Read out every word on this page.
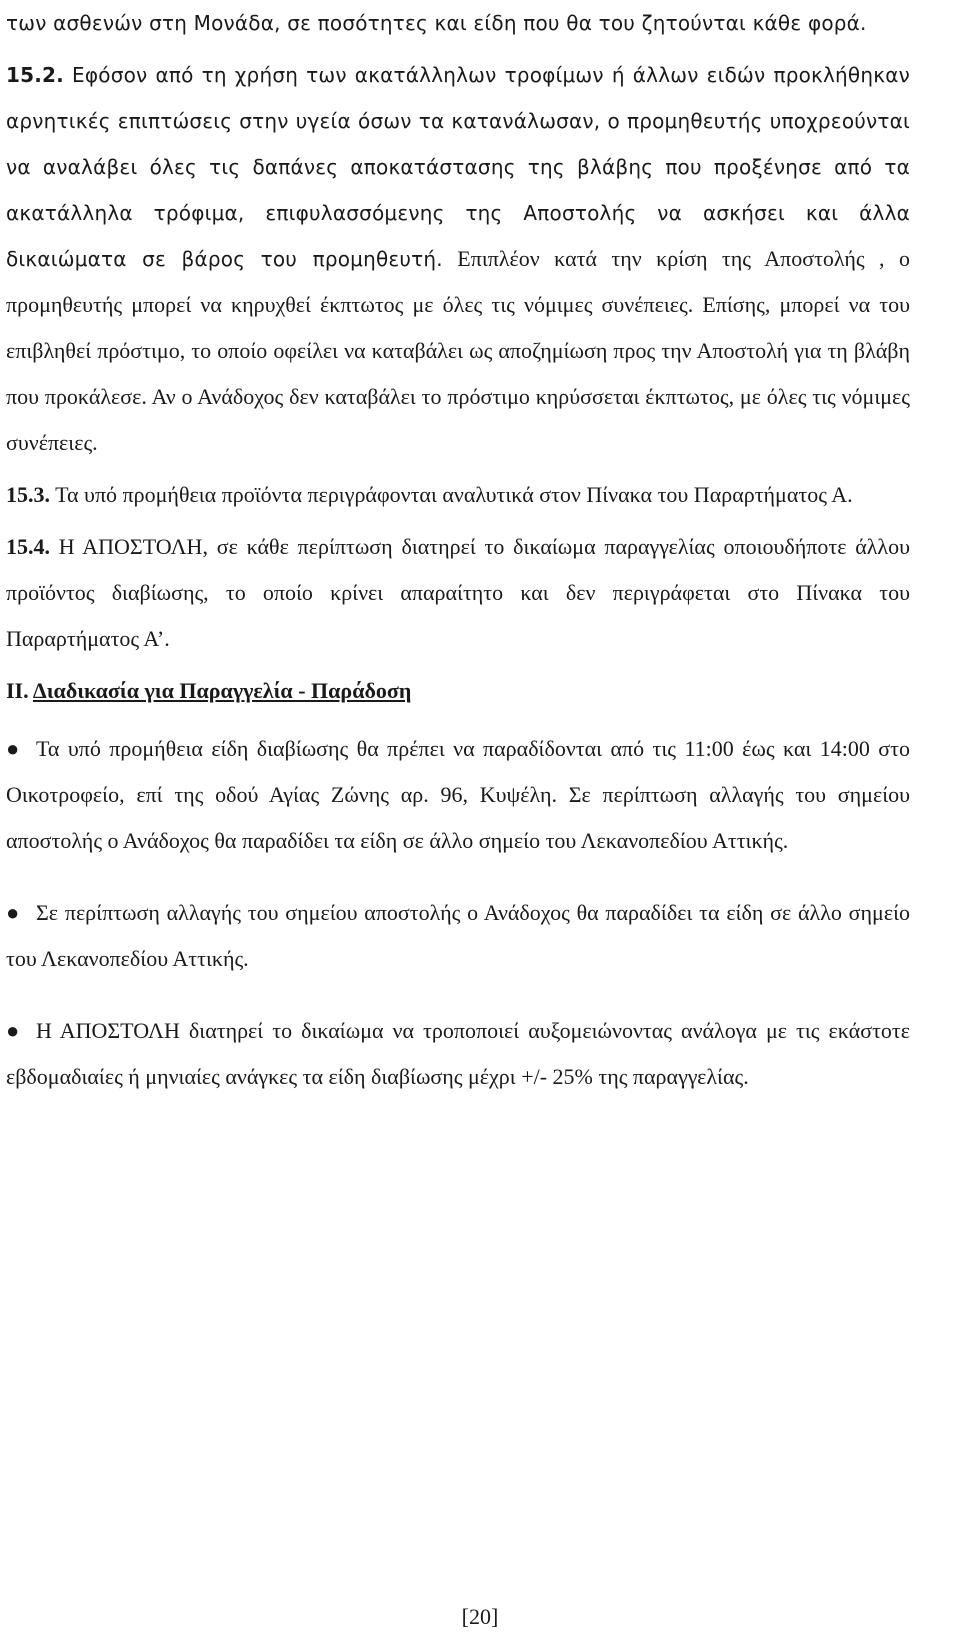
των ασθενών στη Μονάδα, σε ποσότητες και είδη που θα του ζητούνται κάθε φορά.

15.2. Εφόσον από τη χρήση των ακατάλληλων τροφίμων ή άλλων ειδών προκλήθηκαν αρνητικές επιπτώσεις στην υγεία όσων τα κατανάλωσαν, ο προμηθευτής υποχρεούνται να αναλάβει όλες τις δαπάνες αποκατάστασης της βλάβης που προξένησε από τα ακατάλληλα τρόφιμα, επιφυλασσόμενης της Αποστολής να ασκήσει και άλλα δικαιώματα σε βάρος του προμηθευτή. Επιπλέον κατά την κρίση της Αποστολής , ο προμηθευτής μπορεί να κηρυχθεί έκπτωτος με όλες τις νόμιμες συνέπειες. Επίσης, μπορεί να του επιβληθεί πρόστιμο, το οποίο οφείλει να καταβάλει ως αποζημίωση προς την Αποστολή για τη βλάβη που προκάλεσε. Αν ο Ανάδοχος δεν καταβάλει το πρόστιμο κηρύσσεται έκπτωτος, με όλες τις νόμιμες συνέπειες.

15.3. Τα υπό προμήθεια προϊόντα περιγράφονται αναλυτικά στον Πίνακα του Παραρτήματος Α.

15.4. Η ΑΠΟΣΤΟΛΗ, σε κάθε περίπτωση διατηρεί το δικαίωμα παραγγελίας οποιουδήποτε άλλου προϊόντος διαβίωσης, το οποίο κρίνει απαραίτητο και δεν περιγράφεται στο Πίνακα του Παραρτήματος Α’.

ΙΙ. Διαδικασία για Παραγγελία - Παράδοση

● Τα υπό προμήθεια είδη διαβίωσης θα πρέπει να παραδίδονται από τις 11:00 έως και 14:00 στο Οικοτροφείο, επί της οδού Αγίας Ζώνης αρ. 96, Κυψέλη. Σε περίπτωση αλλαγής του σημείου αποστολής ο Ανάδοχος θα παραδίδει τα είδη σε άλλο σημείο του Λεκανοπεδίου Αττικής.

● Σε περίπτωση αλλαγής του σημείου αποστολής ο Ανάδοχος θα παραδίδει τα είδη σε άλλο σημείο του Λεκανοπεδίου Αττικής.

● Η ΑΠΟΣΤΟΛΗ διατηρεί το δικαίωμα να τροποποιεί αυξομειώνοντας ανάλογα με τις εκάστοτε εβδομαδιαίες ή μηνιαίες ανάγκες τα είδη διαβίωσης μέχρι +/- 25% της παραγγελίας.

[20]
